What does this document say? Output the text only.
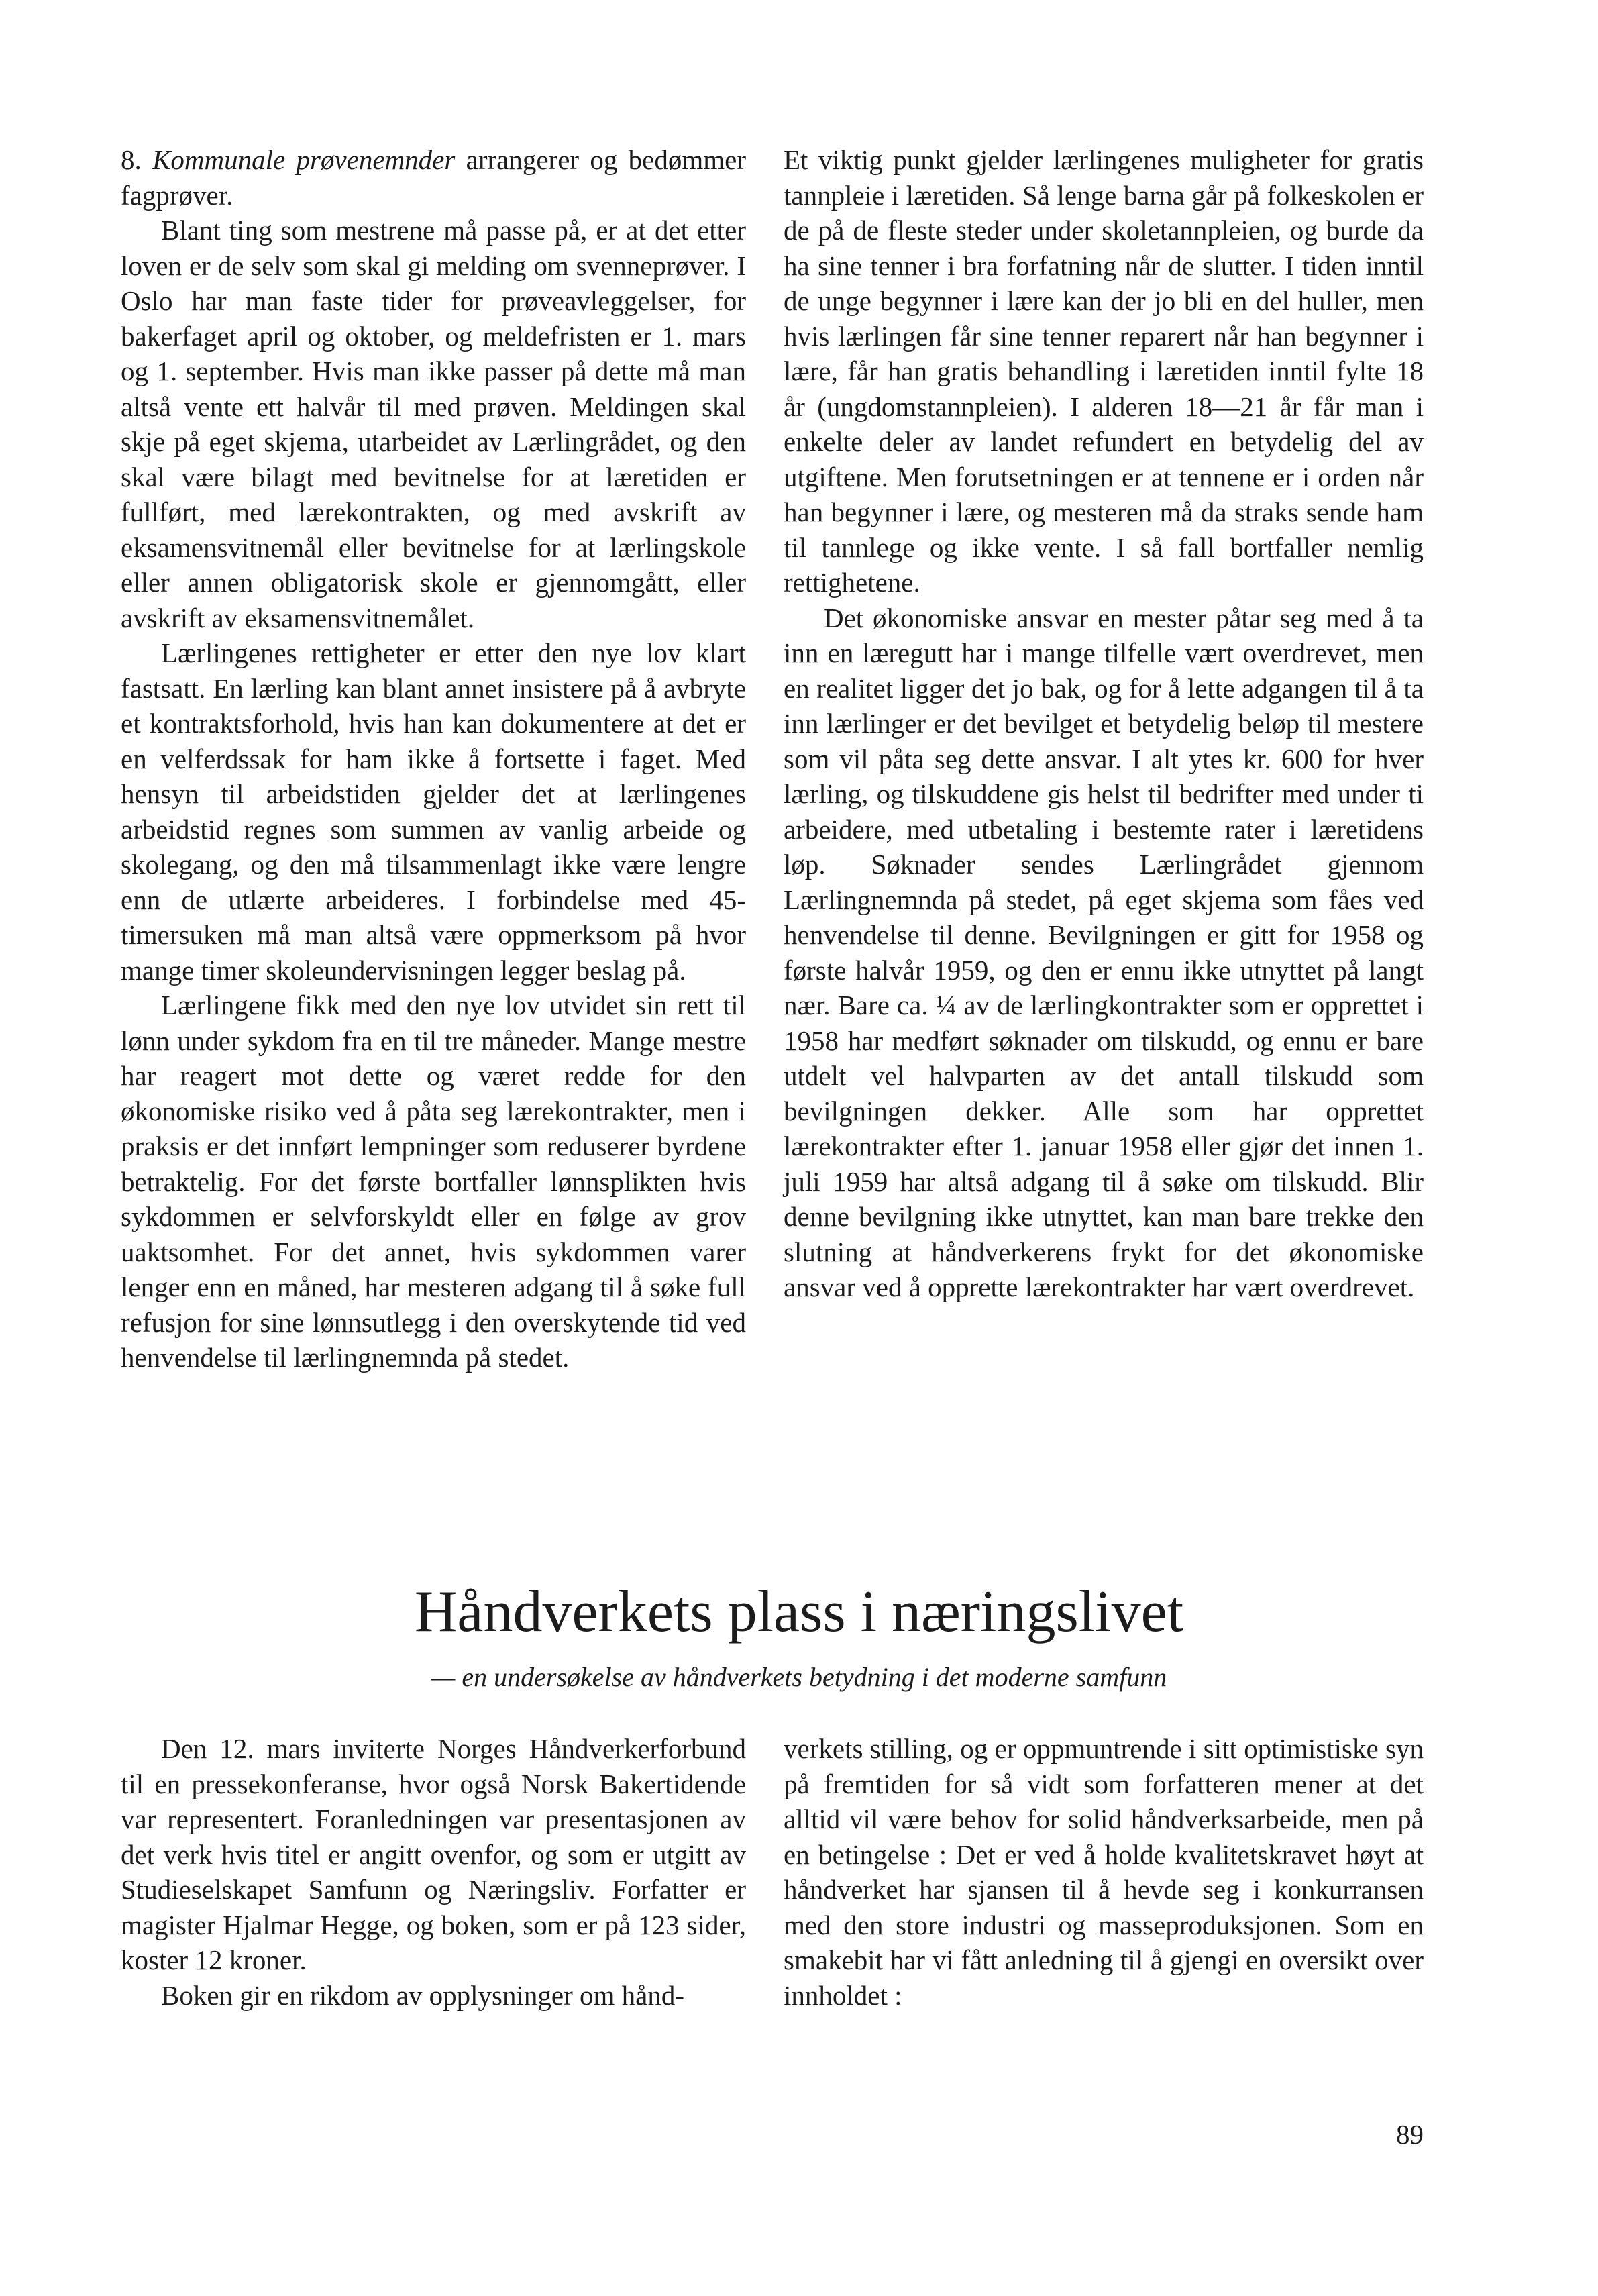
8. Kommunale prøvenemnder arrangerer og bedømmer fagprøver.

Blant ting som mestrene må passe på, er at det etter loven er de selv som skal gi melding om svenneprøver. I Oslo har man faste tider for prøveavleggelser, for bakerfaget april og oktober, og meldefristen er 1. mars og 1. september. Hvis man ikke passer på dette må man altså vente ett halvår til med prøven. Meldingen skal skje på eget skjema, utarbeidet av Lærlingrådet, og den skal være bilagt med bevitnelse for at læretiden er fullført, med lærekontrakten, og med avskrift av eksamensvitnemål eller bevitnelse for at lærlingskole eller annen obligatorisk skole er gjennomgått, eller avskrift av eksamensvitnemålet.

Lærlingenes rettigheter er etter den nye lov klart fastsatt. En lærling kan blant annet insistere på å avbryte et kontraktsforhold, hvis han kan dokumentere at det er en velferdssak for ham ikke å fortsette i faget. Med hensyn til arbeidstiden gjelder det at lærlingenes arbeidstid regnes som summen av vanlig arbeide og skolegang, og den må tilsammenlagt ikke være lengre enn de utlærte arbeideres. I forbindelse med 45-timersuken må man altså være oppmerksom på hvor mange timer skoleundervisningen legger beslag på.

Lærlingene fikk med den nye lov utvidet sin rett til lønn under sykdom fra en til tre måneder. Mange mestre har reagert mot dette og været redde for den økonomiske risiko ved å påta seg lærekontrakter, men i praksis er det innført lempninger som reduserer byrdene betraktelig. For det første bortfaller lønnsplikten hvis sykdommen er selvforskyldt eller en følge av grov uaktsomhet. For det annet, hvis sykdommen varer lenger enn en måned, har mesteren adgang til å søke full refusjon for sine lønnsutlegg i den overskytende tid ved henvendelse til lærlingnemnda på stedet.

Et viktig punkt gjelder lærlingenes muligheter for gratis tannpleie i læretiden. Så lenge barna går på folkeskolen er de på de fleste steder under skoletannpleien, og burde da ha sine tenner i bra forfatning når de slutter. I tiden inntil de unge begynner i lære kan der jo bli en del huller, men hvis lærlingen får sine tenner reparert når han begynner i lære, får han gratis behandling i læretiden inntil fylte 18 år (ungdomstannpleien). I alderen 18—21 år får man i enkelte deler av landet refundert en betydelig del av utgiftene. Men forutsetningen er at tennene er i orden når han begynner i lære, og mesteren må da straks sende ham til tannlege og ikke vente. I så fall bortfaller nemlig rettighetene.

Det økonomiske ansvar en mester påtar seg med å ta inn en læregutt har i mange tilfelle vært overdrevet, men en realitet ligger det jo bak, og for å lette adgangen til å ta inn lærlinger er det bevilget et betydelig beløp til mestere som vil påta seg dette ansvar. I alt ytes kr. 600 for hver lærling, og tilskuddene gis helst til bedrifter med under ti arbeidere, med utbetaling i bestemte rater i læretidens løp. Søknader sendes Lærlingrådet gjennom Lærlingnemnda på stedet, på eget skjema som fåes ved henvendelse til denne. Bevilgningen er gitt for 1958 og første halvår 1959, og den er ennu ikke utnyttet på langt nær. Bare ca. ¼ av de lærlingkontrakter som er opprettet i 1958 har medført søknader om tilskudd, og ennu er bare utdelt vel halvparten av det antall tilskudd som bevilgningen dekker. Alle som har opprettet lærekontrakter efter 1. januar 1958 eller gjør det innen 1. juli 1959 har altså adgang til å søke om tilskudd. Blir denne bevilgning ikke utnyttet, kan man bare trekke den slutning at håndverkerens frykt for det økonomiske ansvar ved å opprette lærekontrakter har vært overdrevet.

Håndverkets plass i næringslivet
— en undersøkelse av håndverkets betydning i det moderne samfunn

Den 12. mars inviterte Norges Håndverkerforbund til en pressekonferanse, hvor også Norsk Bakertidende var representert. Foranledningen var presentasjonen av det verk hvis titel er angitt ovenfor, og som er utgitt av Studieselskapet Samfunn og Næringsliv. Forfatter er magister Hjalmar Hegge, og boken, som er på 123 sider, koster 12 kroner.

Boken gir en rikdom av opplysninger om hånd-

verkets stilling, og er oppmuntrende i sitt optimistiske syn på fremtiden for så vidt som forfatteren mener at det alltid vil være behov for solid håndverksarbeide, men på en betingelse : Det er ved å holde kvalitetskravet høyt at håndverket har sjansen til å hevde seg i konkurransen med den store industri og masseproduksjonen. Som en smakebit har vi fått anledning til å gjengi en oversikt over innholdet :

89
